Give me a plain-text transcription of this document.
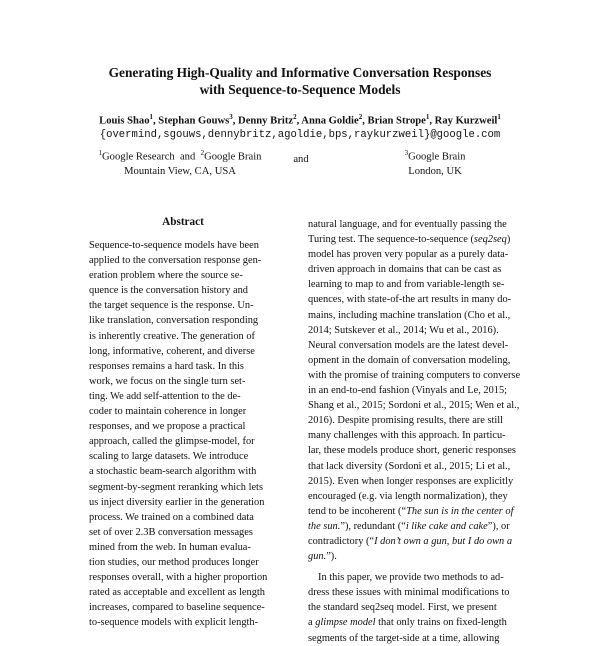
Generating High-Quality and Informative Conversation Responses
with Sequence-to-Sequence Models
Louis Shao$^1$, Stephan Gouws$^3$, Denny Britz$^2$, Anna Goldie$^2$, Brian Strope$^1$, Ray Kurzweil$^1$
{overmind,sgouws,dennybritz,agoldie,bps,raykurzweil}@google.com
$^1$Google Research and $^2$Google Brain
Mountain View, CA, USA
and
$^3$Google Brain
London, UK
Abstract
Sequence-to-sequence models have been
applied to the conversation response gen-
eration problem where the source se-
quence is the conversation history and
the target sequence is the response. Un-
like translation, conversation responding
is inherently creative. The generation of
long, informative, coherent, and diverse
responses remains a hard task. In this
work, we focus on the single turn set-
ting. We add self-attention to the de-
coder to maintain coherence in longer
responses, and we propose a practical
approach, called the glimpse-model, for
scaling to large datasets. We introduce
a stochastic beam-search algorithm with
segment-by-segment reranking which lets
us inject diversity earlier in the generation
process. We trained on a combined data
set of over 2.3B conversation messages
mined from the web. In human evalua-
tion studies, our method produces longer
responses overall, with a higher proportion
rated as acceptable and excellent as length
increases, compared to baseline sequence-
to-sequence models with explicit length-
natural language, and for eventually passing the
Turing test. The sequence-to-sequence (seq2seq)
model has proven very popular as a purely data-
driven approach in domains that can be cast as
learning to map to and from variable-length se-
quences, with state-of-the art results in many do-
mains, including machine translation (Cho et al.,
2014; Sutskever et al., 2014; Wu et al., 2016).
Neural conversation models are the latest devel-
opment in the domain of conversation modeling,
with the promise of training computers to converse
in an end-to-end fashion (Vinyals and Le, 2015;
Shang et al., 2015; Sordoni et al., 2015; Wen et al.,
2016). Despite promising results, there are still
many challenges with this approach. In particu-
lar, these models produce short, generic responses
that lack diversity (Sordoni et al., 2015; Li et al.,
2015). Even when longer responses are explicitly
encouraged (e.g. via length normalization), they
tend to be incoherent (“The sun is in the center of
the sun.”), redundant (“i like cake and cake”), or
contradictory (“I don’t own a gun, but I do own a
gun.”).
In this paper, we provide two methods to ad-
dress these issues with minimal modifications to
the standard seq2seq model. First, we present
a glimpse model that only trains on fixed-length
segments of the target-side at a time, allowing
